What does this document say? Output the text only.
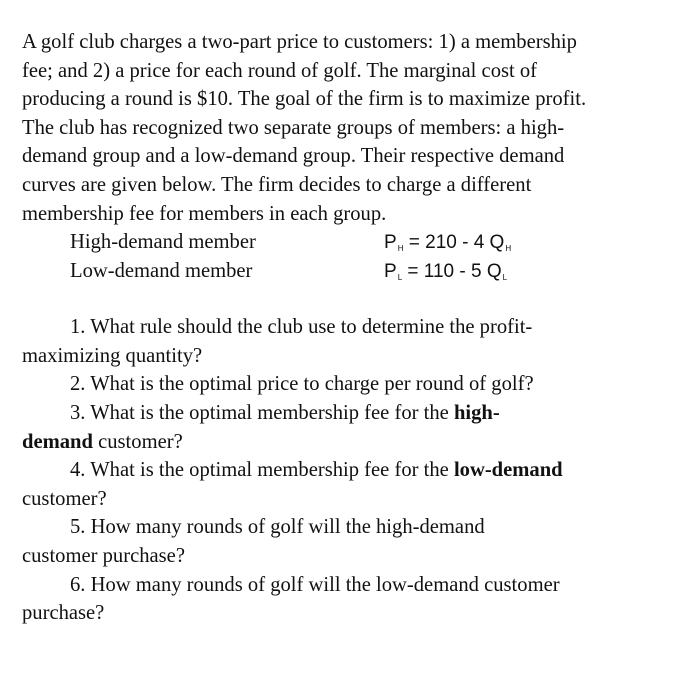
A golf club charges a two-part price to customers: 1) a membership
fee; and 2) a price for each round of golf. The marginal cost of
producing a round is $10. The goal of the firm is to maximize profit.
The club has recognized two separate groups of members: a high-
demand group and a low-demand group. Their respective demand
curves are given below. The firm decides to charge a different
membership fee for members in each group.

High-demand member	$P_H = 210 - 4$ $Q_H$
Low-demand member	$P_L = 110 - 5$ $Q_L$
1. What rule should the club use to determine the profit-
maximizing quantity?
2. What is the optimal price to charge per round of golf?
3. What is the optimal membership fee for the high-
demand customer?
4. What is the optimal membership fee for the low-demand
customer?
5. How many rounds of golf will the high-demand
customer purchase?
6. How many rounds of golf will the low-demand customer
purchase?
